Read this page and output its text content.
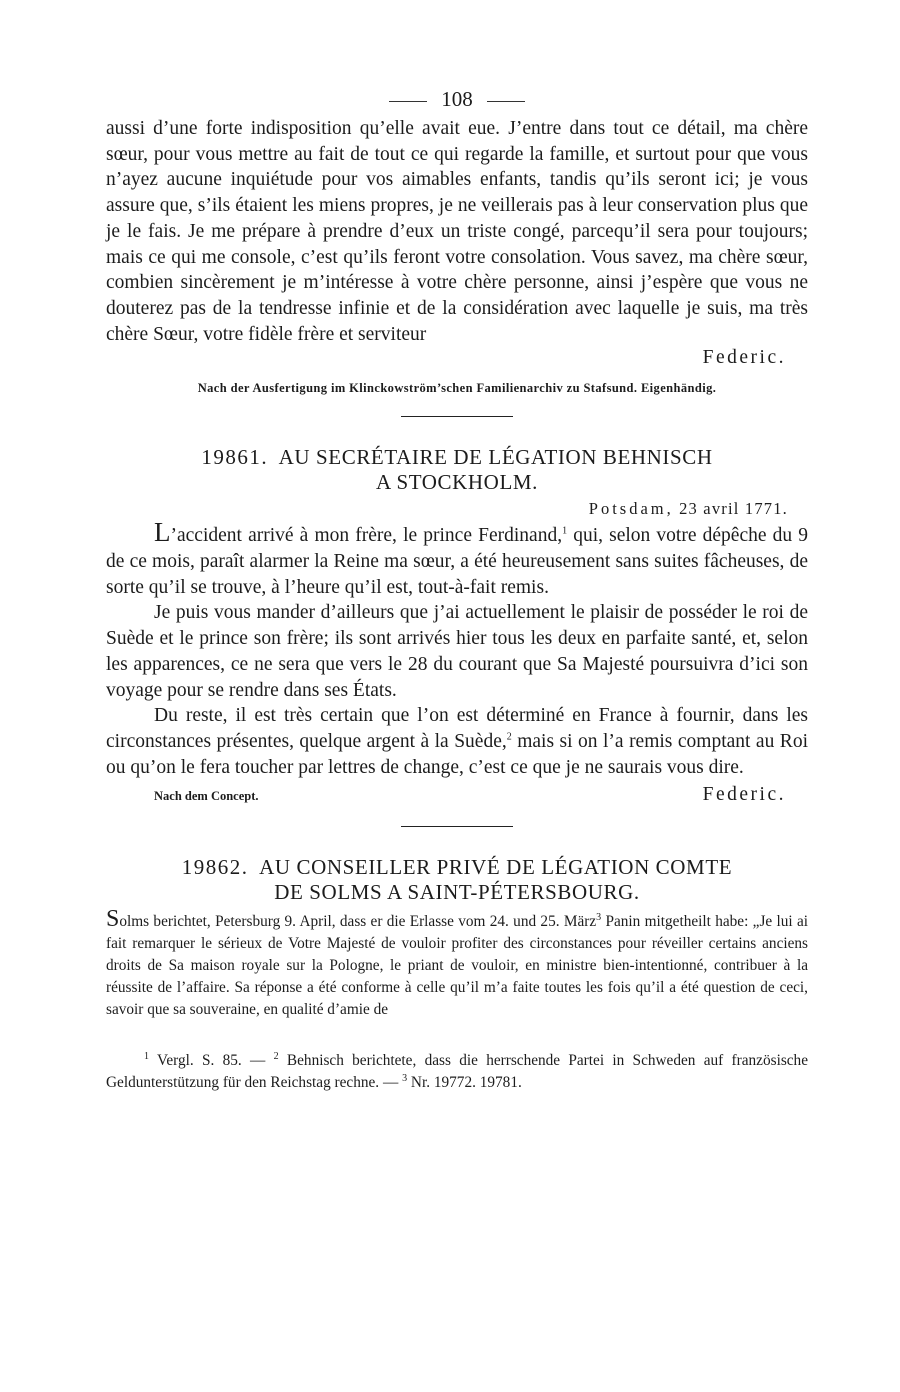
108

aussi d’une forte indisposition qu’elle avait eue. J’entre dans tout ce détail, ma chère sœur, pour vous mettre au fait de tout ce qui regarde la famille, et surtout pour que vous n’ayez aucune inquiétude pour vos aimables enfants, tandis qu’ils seront ici; je vous assure que, s’ils étaient les miens propres, je ne veillerais pas à leur conservation plus que je le fais. Je me prépare à prendre d’eux un triste congé, parcequ’il sera pour toujours; mais ce qui me console, c’est qu’ils feront votre consolation. Vous savez, ma chère sœur, combien sincèrement je m’intéresse à votre chère personne, ainsi j’espère que vous ne douterez pas de la tendresse infinie et de la considération avec laquelle je suis, ma très chère Sœur, votre fidèle frère et serviteur

Federic.
Nach der Ausfertigung im Klinckowström’schen Familienarchiv zu Stafsund. Eigenhändig.

19861. AU SECRÉTAIRE DE LÉGATION BEHNISCH

A STOCKHOLM.

Potsdam, 23 avril 1771.

L’accident arrivé à mon frère, le prince Ferdinand,$^1$ qui, selon votre dépêche du 9 de ce mois, paraît alarmer la Reine ma sœur, a été heureusement sans suites fâcheuses, de sorte qu’il se trouve, à l’heure qu’il est, tout-à-fait remis.

Je puis vous mander d’ailleurs que j’ai actuellement le plaisir de posséder le roi de Suède et le prince son frère; ils sont arrivés hier tous les deux en parfaite santé, et, selon les apparences, ce ne sera que vers le 28 du courant que Sa Majesté poursuivra d’ici son voyage pour se rendre dans ses États.

Du reste, il est très certain que l’on est déterminé en France à fournir, dans les circonstances présentes, quelque argent à la Suède,$^2$ mais si on l’a remis comptant au Roi ou qu’on le fera toucher par lettres de change, c’est ce que je ne saurais vous dire.

Nach dem Concept.	Federic.

19862. AU CONSEILLER PRIVÉ DE LÉGATION COMTE

DE SOLMS A SAINT-PÉTERSBOURG.

Solms berichtet, Petersburg 9. April, dass er die Erlasse vom 24. und 25. März$^3$ Panin mitgetheilt habe: „Je lui ai fait remarquer le sérieux de Votre Majesté de vouloir profiter des circonstances pour réveiller certains anciens droits de Sa maison royale sur la Pologne, le priant de vouloir, en ministre bien-intentionné, contribuer à la réussite de l’affaire. Sa réponse a été conforme à celle qu’il m’a faite toutes les fois qu’il a été question de ceci, savoir que sa souveraine, en qualité d’amie de

$^1$ Vergl. S. 85. — $^2$ Behnisch berichtete, dass die herrschende Partei in Schweden auf französische Geldunterstützung für den Reichstag rechne. — $^3$ Nr. 19772. 19781.
